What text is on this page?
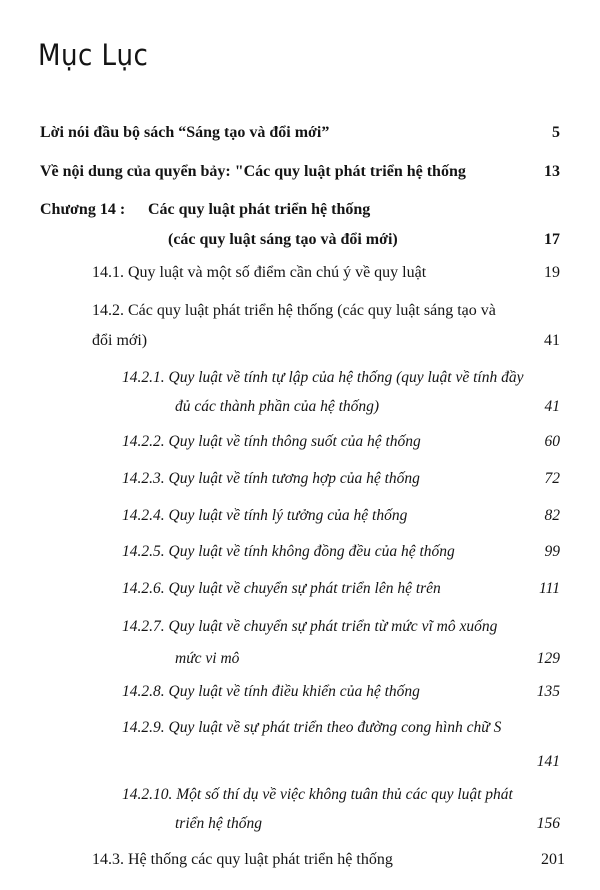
Mục Lục
Lời nói đầu bộ sách “Sáng tạo và đổi mới”	5
Về nội dung của quyển bảy: "Các quy luật phát triển hệ thống	13
Chương 14 : Các quy luật phát triển hệ thống
(các quy luật sáng tạo và đổi mới)	17
14.1. Quy luật và một số điểm cần chú ý về quy luật	19
14.2. Các quy luật phát triển hệ thống (các quy luật sáng tạo và
đổi mới)	41
14.2.1. Quy luật về tính tự lập của hệ thống (quy luật về tính đầy
đủ các thành phần của hệ thống)	41
14.2.2. Quy luật về tính thông suốt của hệ thống	60
14.2.3. Quy luật về tính tương hợp của hệ thống	72
14.2.4. Quy luật về tính lý tưởng của hệ thống	82
14.2.5. Quy luật về tính không đồng đều của hệ thống	99
14.2.6. Quy luật về chuyển sự phát triển lên hệ trên	111
14.2.7. Quy luật về chuyển sự phát triển từ mức vĩ mô xuống
mức vi mô	129
14.2.8. Quy luật về tính điều khiển của hệ thống	135
14.2.9. Quy luật về sự phát triển theo đường cong hình chữ S
141
14.2.10. Một số thí dụ về việc không tuân thủ các quy luật phát
triển hệ thống	156
14.3. Hệ thống các quy luật phát triển hệ thống	201
